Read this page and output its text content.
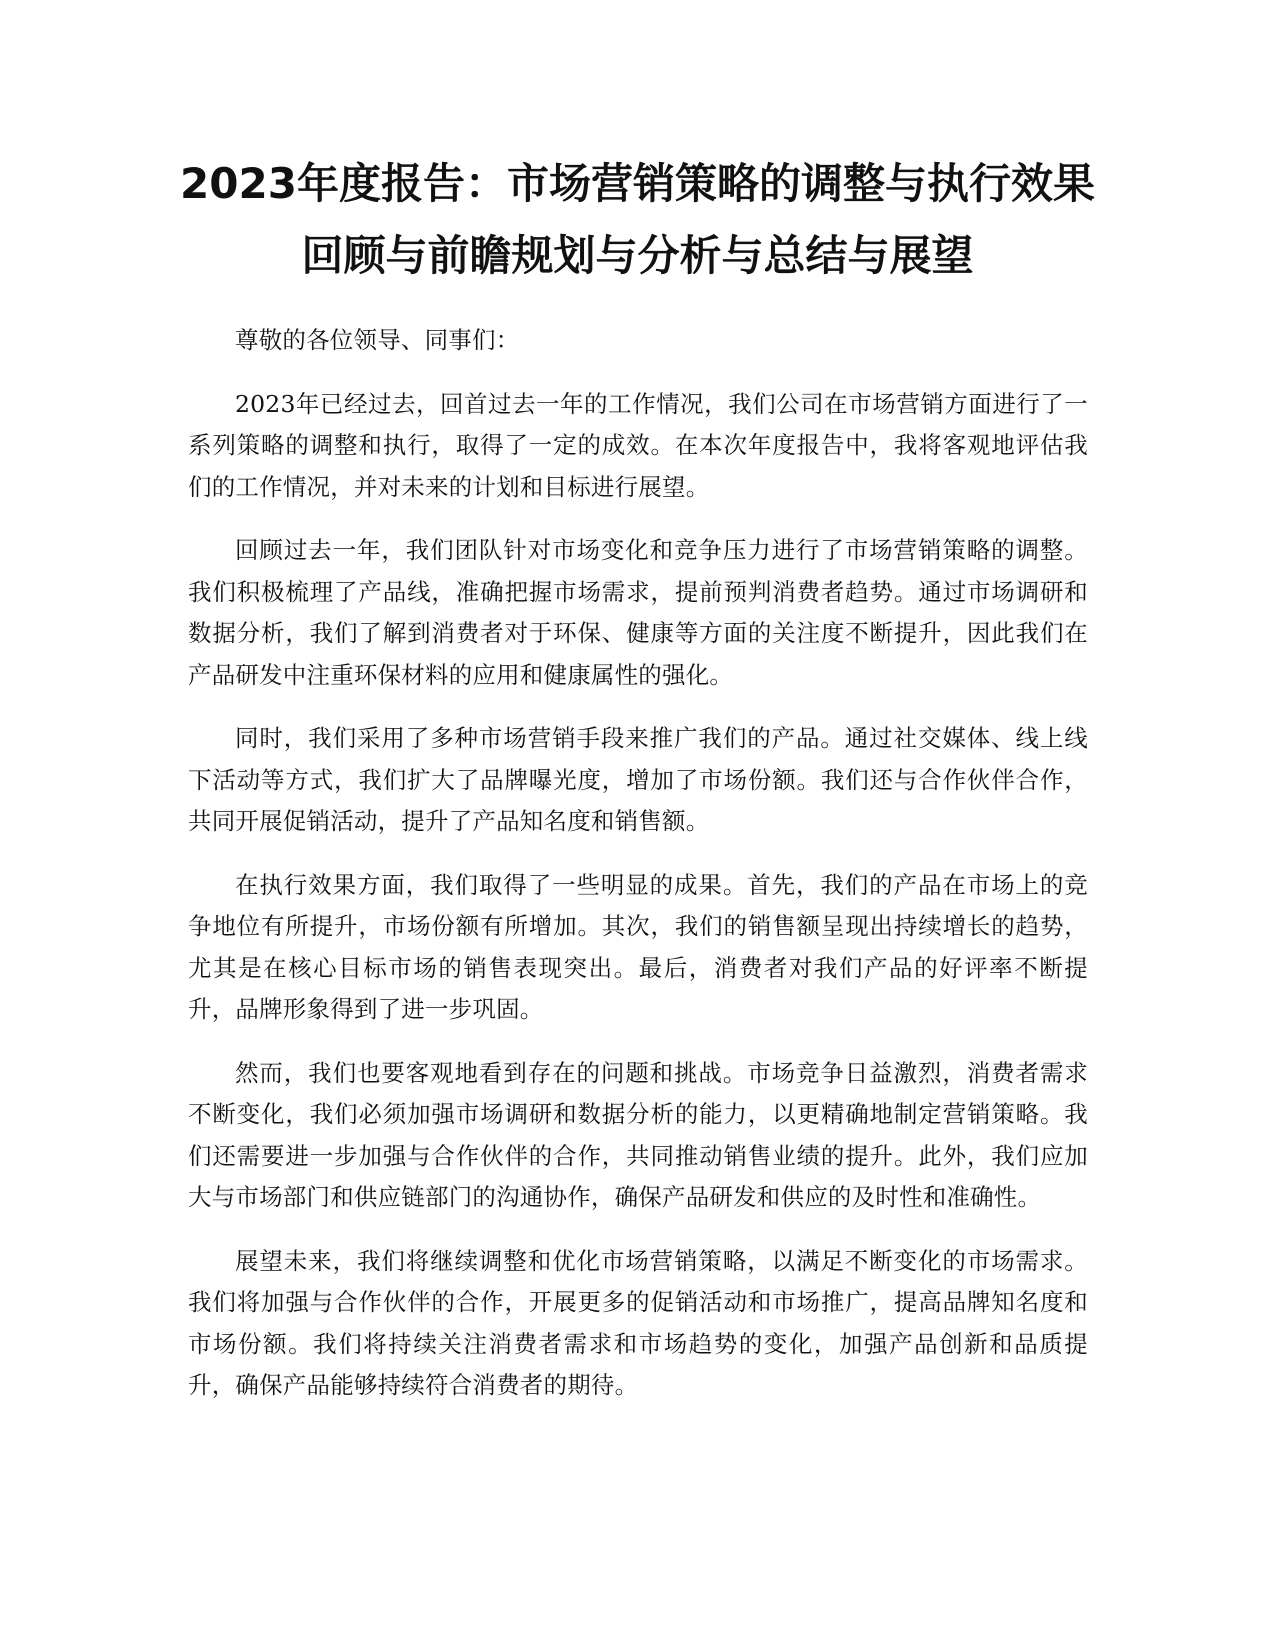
2023年度报告：市场营销策略的调整与执行效果回顾与前瞻规划与分析与总结与展望

尊敬的各位领导、同事们：

2023年已经过去，回首过去一年的工作情况，我们公司在市场营销方面进行了一系列策略的调整和执行，取得了一定的成效。在本次年度报告中，我将客观地评估我们的工作情况，并对未来的计划和目标进行展望。

回顾过去一年，我们团队针对市场变化和竞争压力进行了市场营销策略的调整。我们积极梳理了产品线，准确把握市场需求，提前预判消费者趋势。通过市场调研和数据分析，我们了解到消费者对于环保、健康等方面的关注度不断提升，因此我们在产品研发中注重环保材料的应用和健康属性的强化。

同时，我们采用了多种市场营销手段来推广我们的产品。通过社交媒体、线上线下活动等方式，我们扩大了品牌曝光度，增加了市场份额。我们还与合作伙伴合作，共同开展促销活动，提升了产品知名度和销售额。

在执行效果方面，我们取得了一些明显的成果。首先，我们的产品在市场上的竞争地位有所提升，市场份额有所增加。其次，我们的销售额呈现出持续增长的趋势，尤其是在核心目标市场的销售表现突出。最后，消费者对我们产品的好评率不断提升，品牌形象得到了进一步巩固。

然而，我们也要客观地看到存在的问题和挑战。市场竞争日益激烈，消费者需求不断变化，我们必须加强市场调研和数据分析的能力，以更精确地制定营销策略。我们还需要进一步加强与合作伙伴的合作，共同推动销售业绩的提升。此外，我们应加大与市场部门和供应链部门的沟通协作，确保产品研发和供应的及时性和准确性。

展望未来，我们将继续调整和优化市场营销策略，以满足不断变化的市场需求。我们将加强与合作伙伴的合作，开展更多的促销活动和市场推广，提高品牌知名度和市场份额。我们将持续关注消费者需求和市场趋势的变化，加强产品创新和品质提升，确保产品能够持续符合消费者的期待。
